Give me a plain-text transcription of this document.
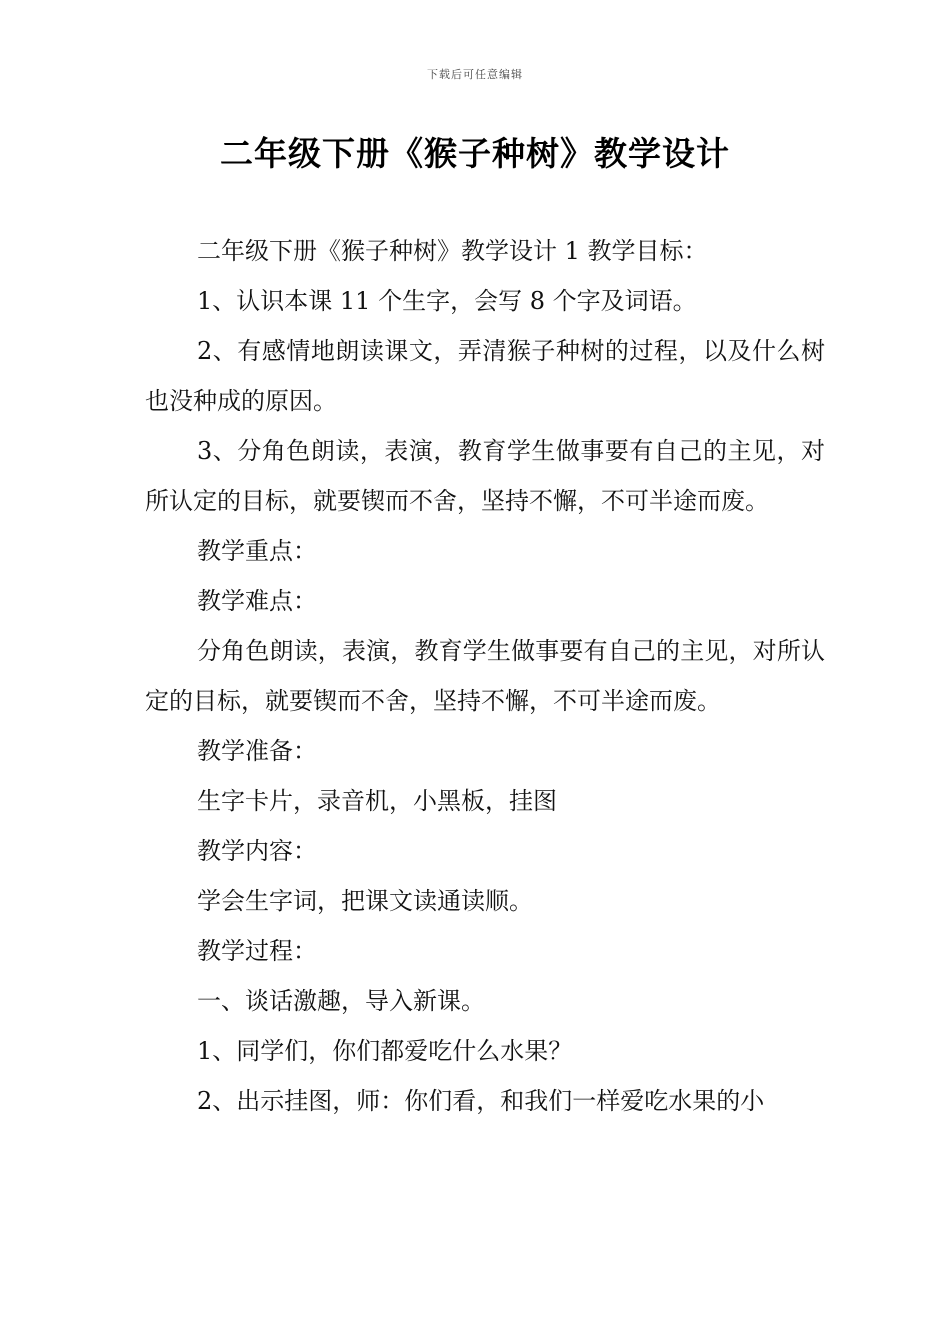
下载后可任意编辑
二年级下册《猴子种树》教学设计

二年级下册《猴子种树》教学设计 1 教学目标：

1、认识本课 11 个生字，会写 8 个字及词语。

2、有感情地朗读课文，弄清猴子种树的过程，以及什么树也没种成的原因。

3、分角色朗读，表演，教育学生做事要有自己的主见，对所认定的目标，就要锲而不舍，坚持不懈，不可半途而废。

教学重点：

教学难点：

分角色朗读，表演，教育学生做事要有自己的主见，对所认定的目标，就要锲而不舍，坚持不懈，不可半途而废。

教学准备：

生字卡片，录音机，小黑板，挂图

教学内容：

学会生字词，把课文读通读顺。

教学过程：

一、谈话激趣，导入新课。

1、同学们，你们都爱吃什么水果？

2、出示挂图，师：你们看，和我们一样爱吃水果的小
